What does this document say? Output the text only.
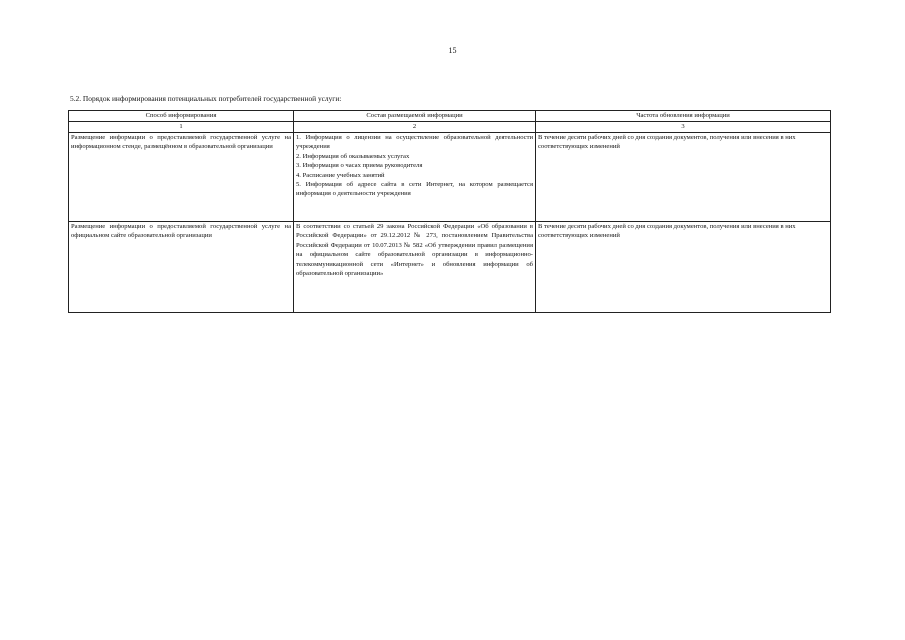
15
5.2. Порядок информирования потенциальных потребителей государственной услуги:
Способ информирования	Состав размещаемой информации	Частота обновления информации
1	2	3
Размещение информации о предоставляемой государственной услуге на информационном стенде, размещённом в образовательной организации	1. Информация о лицензии на осуществление образовательной деятельности учреждения
2. Информация об оказываемых услугах
3. Информация о часах приема руководителя
4. Расписание учебных занятий
5. Информация об адресе сайта в сети Интернет, на котором размещается информация о деятельности учреждения	В течение десяти рабочих дней со дня создания документов, получения или внесения в них соответствующих изменений
Размещение информации о предоставляемой государственной услуге на официальном сайте образовательной организации	В соответствии со статьей 29 закона Российской Федерации «Об образовании в Российской Федерации» от 29.12.2012 № 273, постановлением Правительства Российской Федерации от 10.07.2013 № 582 «Об утверждении правил размещения на официальном сайте образовательной организации в информационно-телекоммуникационной сети «Интернет» и обновления информации об образовательной организации»	В течение десяти рабочих дней со дня создания документов, получения или внесения в них соответствующих изменений
